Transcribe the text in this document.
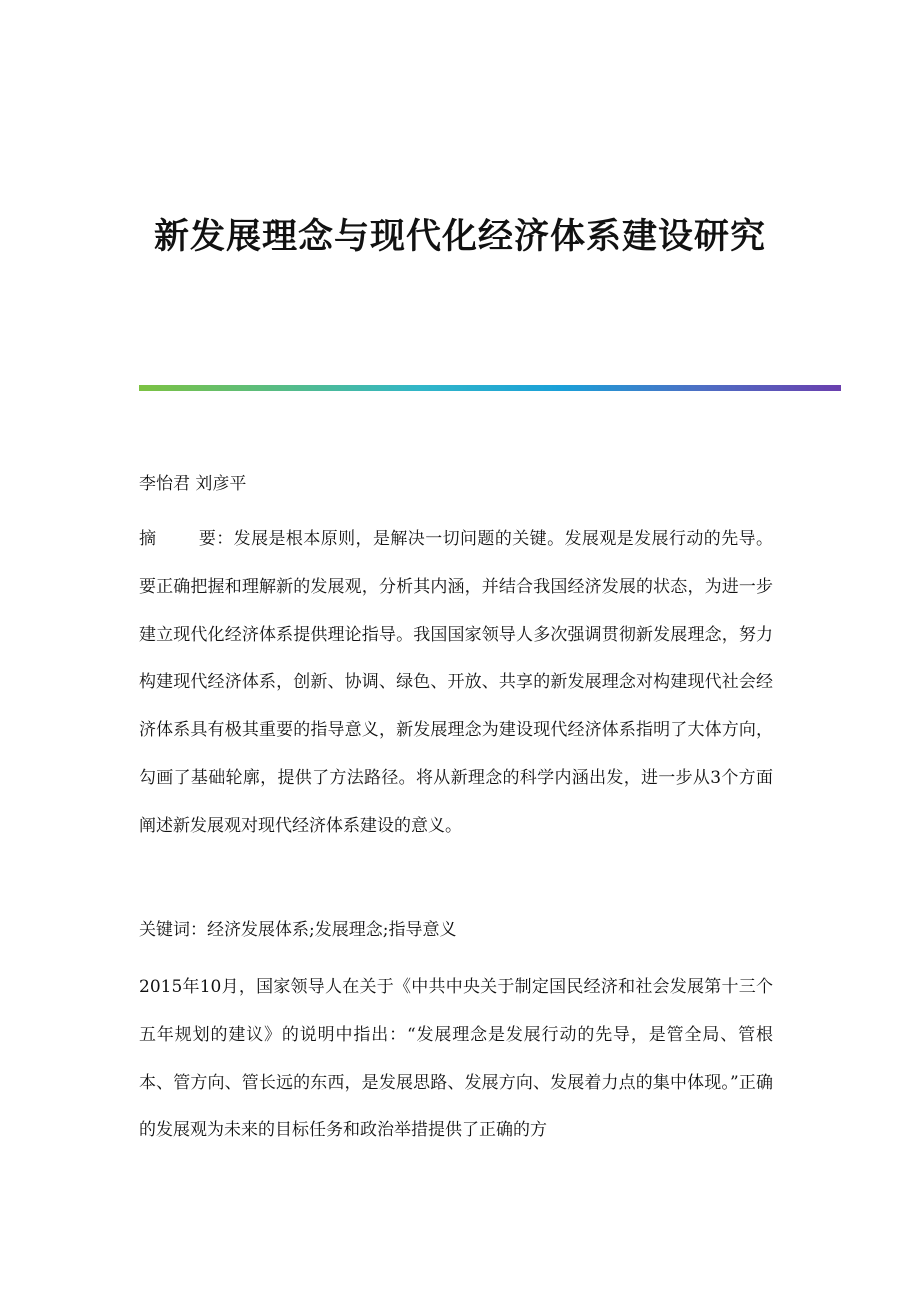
新发展理念与现代化经济体系建设研究

李怡君 刘彦平

摘 要：发展是根本原则，是解决一切问题的关键。发展观是发展行动的先导。要正确把握和理解新的发展观，分析其内涵，并结合我国经济发展的状态，为进一步建立现代化经济体系提供理论指导。我国国家领导人多次强调贯彻新发展理念，努力构建现代经济体系，创新、协调、绿色、开放、共享的新发展理念对构建现代社会经济体系具有极其重要的指导意义，新发展理念为建设现代经济体系指明了大体方向，勾画了基础轮廓，提供了方法路径。将从新理念的科学内涵出发，进一步从3个方面阐述新发展观对现代经济体系建设的意义。

关键词：经济发展体系;发展理念;指导意义

2015年10月，国家领导人在关于《中共中央关于制定国民经济和社会发展第十三个五年规划的建议》的说明中指出：“发展理念是发展行动的先导，是管全局、管根本、管方向、管长远的东西，是发展思路、发展方向、发展着力点的集中体现。”正确的发展观为未来的目标任务和政治举措提供了正确的方
